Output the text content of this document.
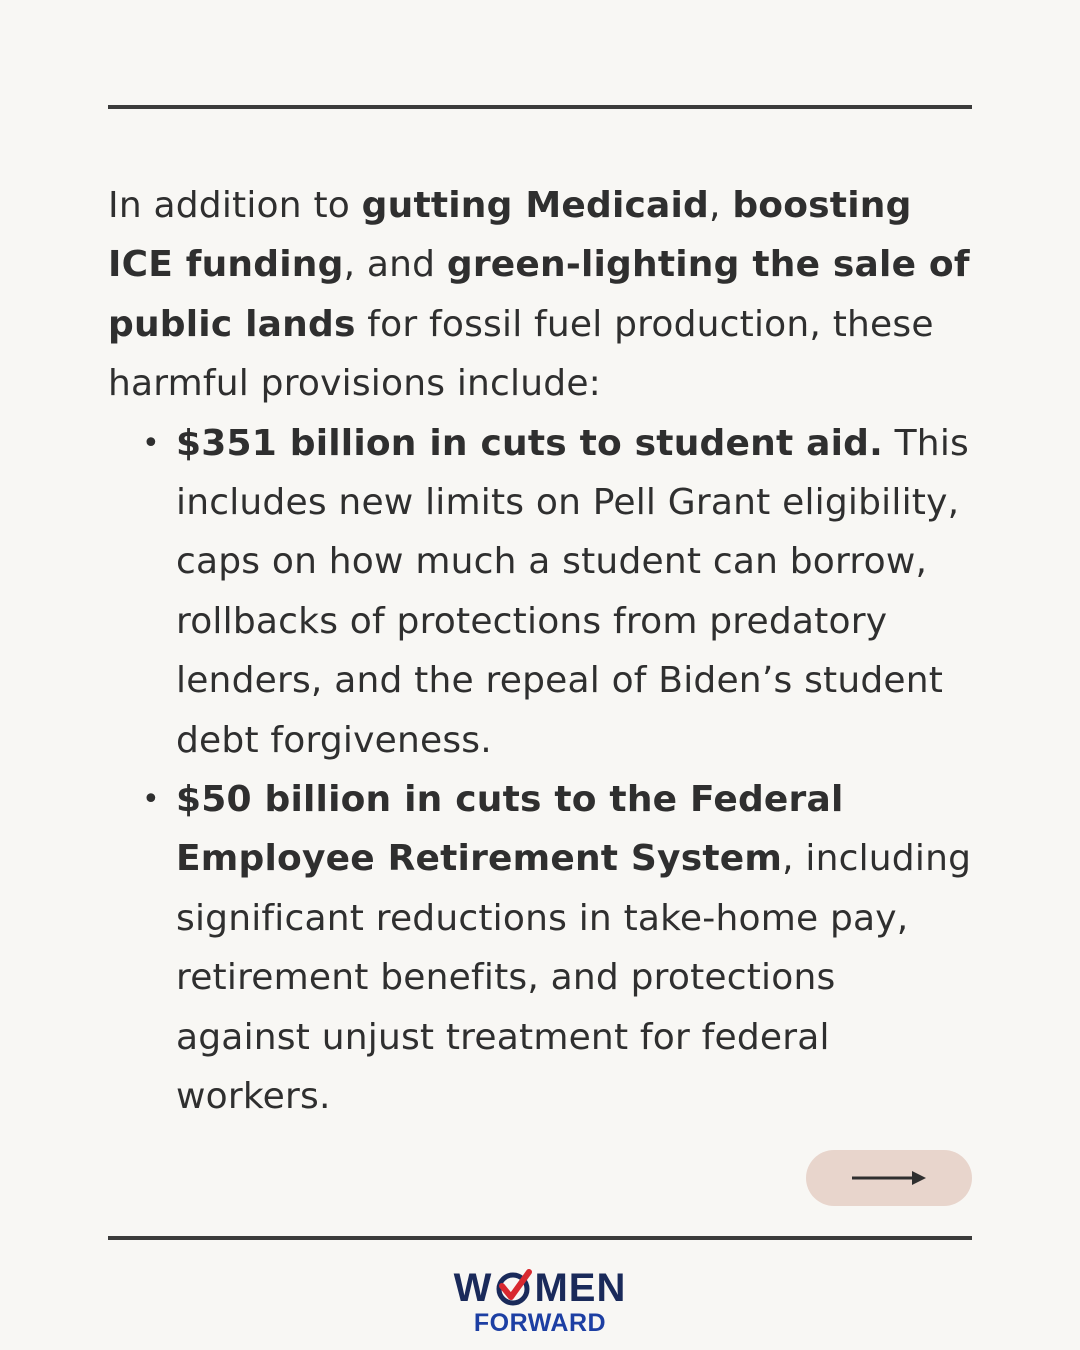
In addition to gutting Medicaid, boosting ICE funding, and green-lighting the sale of public lands for fossil fuel production, these harmful provisions include:

• $351 billion in cuts to student aid. This includes new limits on Pell Grant eligibility, caps on how much a student can borrow, rollbacks of protections from predatory lenders, and the repeal of Biden’s student debt forgiveness.
• $50 billion in cuts to the Federal Employee Retirement System, including significant reductions in take-home pay, retirement benefits, and protections against unjust treatment for federal workers.
W MEN
FORWARD
